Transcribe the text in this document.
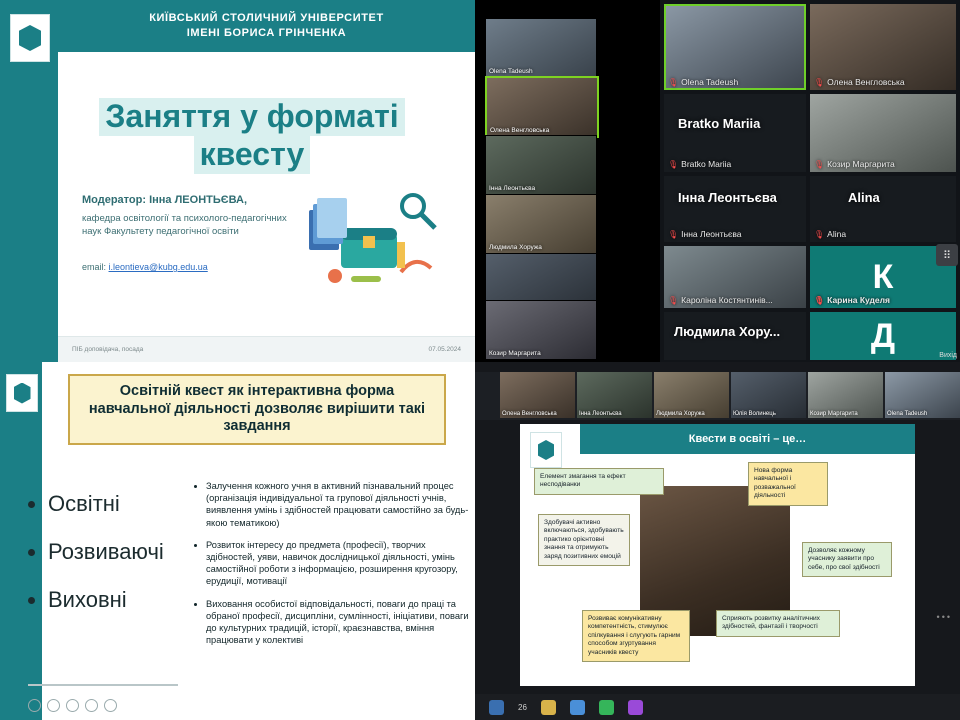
КИЇВСЬКИЙ СТОЛИЧНИЙ УНІВЕРСИТЕТ
ІМЕНІ БОРИСА ГРІНЧЕНКА
Заняття у форматі
квесту
Модератор: Інна ЛЕОНТЬЄВА,
кафедра освітології та психолого-педагогічних наук Факультету педагогічної освіти
email: i.leontieva@kubg.edu.ua
ПІБ доповідача, посада	07.05.2024
Освітній квест як інтерактивна форма навчальної діяльності дозволяє вирішити такі завдання
• Освітні
• Розвиваючі
• Виховні
• Залучення кожного учня в активний пізнавальний процес (організація індивідуальної та групової діяльності учнів, виявлення умінь і здібностей працювати самостійно за будь-якою тематикою)
• Розвиток інтересу до предмета (професії), творчих здібностей, уяви, навичок дослідницької діяльності, умінь самостійної роботи з інформацією, розширення кругозору, ерудиції, мотивації
• Виховання особистої відповідальності, поваги до праці та обраної професії, дисципліни, сумлінності, ініціативи, поваги до культурних традицій, історії, краєзнавства, вміння працювати у колективі
Olena Tadeush
Олена Венгловська
Інна Леонтьєва
Людмила Хоружа
Козир Маргарита
🎙 Olena Tadeush	🎙 Олена Венгловська
Bratko Mariia
🎙 Bratko Mariia	🎙 Козир Маргарита
Інна Леонтьєва
🎙 Інна Леонтьєва
Alina
🎙 Alina
🎙 Кароліна Костянтинів...
К
🎙 Карина Куделя
Людмила Хору...	Д
⠿
Вихід
Олена Венгловська	Інна Леонтьєва	Людмила Хоружа	Юлія Волинець	Козир Маргарита	Olena Tadeush
Квести в освіті – це…
Елемент змагання та ефект несподіванки
Нова форма навчальної і розважальної діяльності
Здобувачі активно включаються, здобувають практико орієнтовні знання та отримують заряд позитивних емоцій
Дозволяє кожному учаснику заявити про себе, про свої здібності
Розвиває комунікативну компетентність, стимулює спілкування і слугують гарним способом згуртування учасників квесту
Сприяють розвитку аналітичних здібностей, фантазії і творчості
•••
26
